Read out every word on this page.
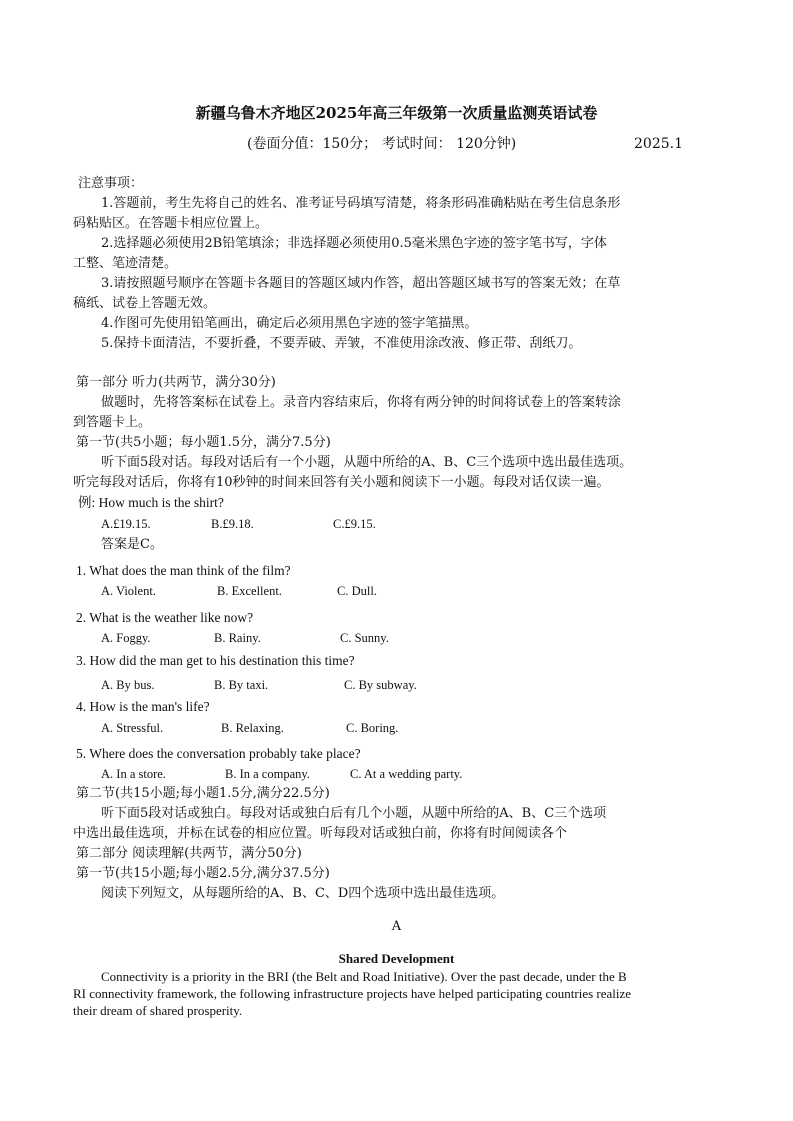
新疆乌鲁木齐地区2025年高三年级第一次质量监测英语试卷
(卷面分值：150分； 考试时间： 120分钟)	2025.1
注意事项：
1.答题前，考生先将自己的姓名、准考证号码填写清楚，将条形码准确粘贴在考生信息条形
码粘贴区。在答题卡相应位置上。
2.选择题必须使用2B铅笔填涂；非选择题必须使用0.5毫米黑色字迹的签字笔书写，字体
工整、笔迹清楚。
3.请按照题号顺序在答题卡各题目的答题区域内作答，超出答题区域书写的答案无效；在草
稿纸、试卷上答题无效。
4.作图可先使用铅笔画出，确定后必须用黑色字迹的签字笔描黑。
5.保持卡面清洁，不要折叠，不要弄破、弄皱，不准使用涂改液、修正带、刮纸刀。
第一部分 听力(共两节，满分30分)
做题时，先将答案标在试卷上。录音内容结束后，你将有两分钟的时间将试卷上的答案转涂
到答题卡上。
第一节(共5小题；每小题1.5分，满分7.5分)
听下面5段对话。每段对话后有一个小题，从题中所给的A、B、C三个选项中选出最佳选项。
听完每段对话后，你将有10秒钟的时间来回答有关小题和阅读下一小题。每段对话仅读一遍。
例: How much is the shirt?
A.£19.15.	B.£9.18.	C.£9.15.
答案是C。
1. What does the man think of the film?
A. Violent.	B. Excellent.	C. Dull.
2. What is the weather like now?
A. Foggy.	B. Rainy.	C. Sunny.
3. How did the man get to his destination this time?
A. By bus.	B. By taxi.	C. By subway.
4. How is the man's life?
A. Stressful.	B. Relaxing.	C. Boring.
5. Where does the conversation probably take place?
A. In a store.	B. In a company.	C. At a wedding party.
第二节(共15小题;每小题1.5分,满分22.5分)
听下面5段对话或独白。每段对话或独白后有几个小题，从题中所给的A、B、C三个选项
中选出最佳选项，并标在试卷的相应位置。听每段对话或独白前，你将有时间阅读各个
第二部分 阅读理解(共两节，满分50分)
第一节(共15小题;每小题2.5分,满分37.5分)
阅读下列短文，从每题所给的A、B、C、D四个选项中选出最佳选项。
A
Shared Development
Connectivity is a priority in the BRI (the Belt and Road Initiative). Over the past decade, under the B
RI connectivity framework, the following infrastructure projects have helped participating countries realize
their dream of shared prosperity.
